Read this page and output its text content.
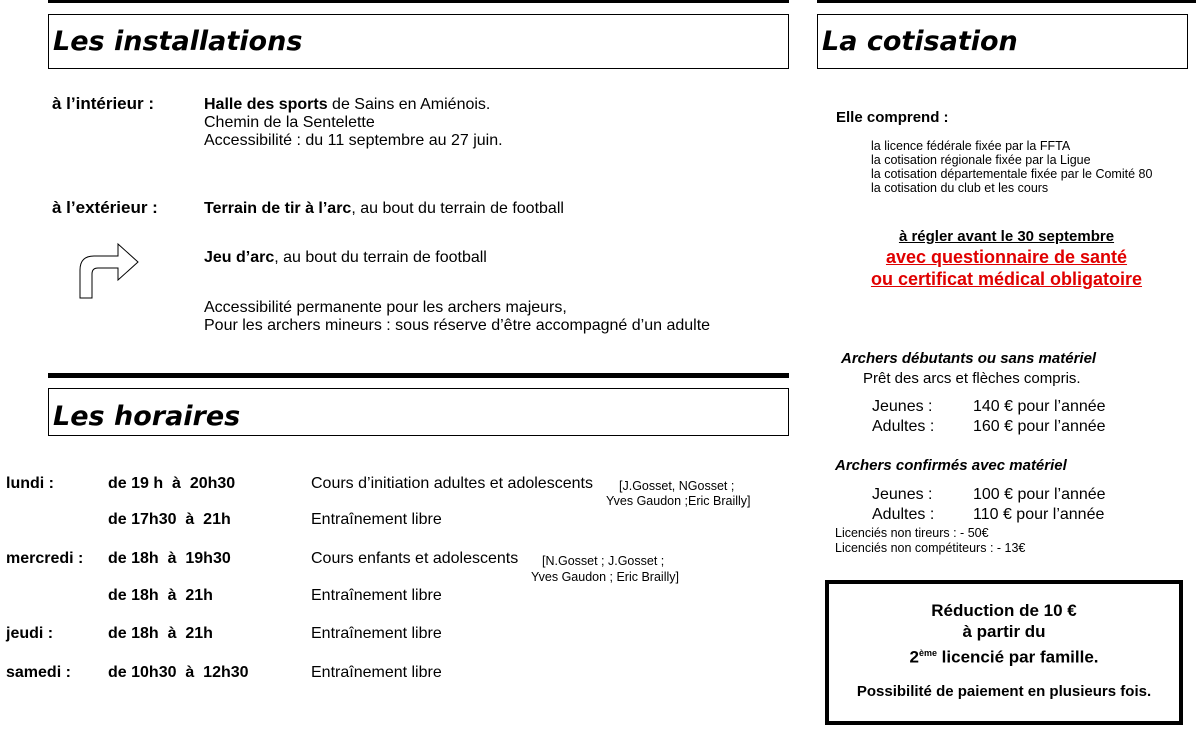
Les installations
à l’intérieur :	Halle des sports de Sains en Amiénois.
Chemin de la Sentelette
Accessibilité : du 11 septembre au 27 juin.
à l’extérieur :	Terrain de tir à l’arc, au bout du terrain de football
Jeu d’arc, au bout du terrain de football
Accessibilité permanente pour les archers majeurs,
Pour les archers mineurs : sous réserve d’être accompagné d’un adulte
Les horaires
lundi :	de 19 h  à  20h30	Cours d’initiation adultes et adolescents [J.Gosset, NGosset ;
Yves Gaudon ;Eric Brailly]
de 17h30  à  21h	Entraînement libre
mercredi : de 18h  à  19h30	Cours enfants et adolescents [N.Gosset ; J.Gosset ;
Yves Gaudon ; Eric Brailly]
de 18h  à  21h	Entraînement libre
jeudi :	de 18h  à  21h	Entraînement libre
samedi : de 10h30  à  12h30	Entraînement libre
La cotisation
Elle comprend :
la licence fédérale fixée par la FFTA
la cotisation régionale fixée par la Ligue
la cotisation départementale fixée par le Comité 80
la cotisation du club et les cours
à régler avant le 30 septembre
avec questionnaire de santé
ou certificat médical obligatoire
Archers débutants ou sans matériel
Prêt des arcs et flèches compris.
Jeunes :	140 € pour l’année
Adultes : 160 € pour l’année
Archers confirmés avec matériel
Jeunes :	100 € pour l’année
Adultes : 110 € pour l’année
Licenciés non tireurs : - 50€
Licenciés non compétiteurs : - 13€
Réduction de 10 €
à partir du
2ème licencié par famille.
Possibilité de paiement en plusieurs fois.
